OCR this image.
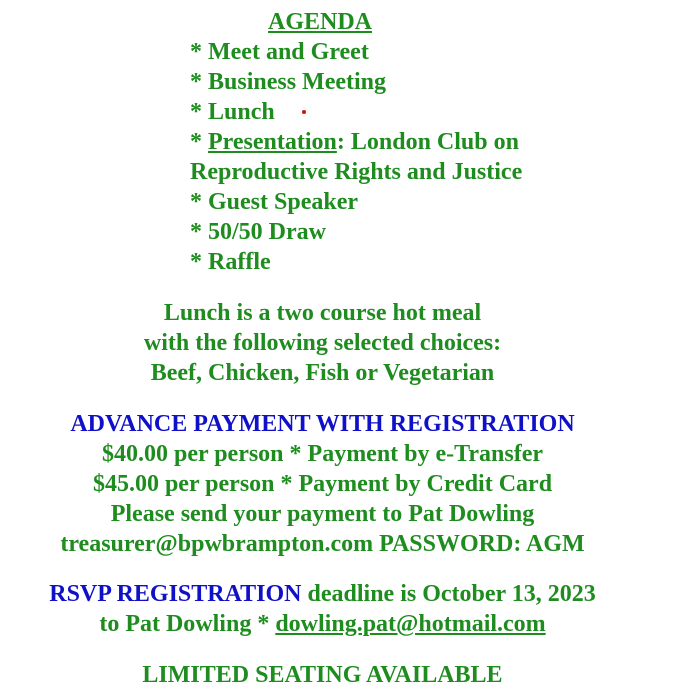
AGENDA
* Meet and Greet
* Business Meeting
* Lunch
* Presentation: London Club on
Reproductive Rights and Justice
* Guest Speaker
* 50/50 Draw
* Raffle
Lunch is a two course hot meal
with the following selected choices:
Beef, Chicken, Fish or Vegetarian
ADVANCE PAYMENT WITH REGISTRATION
$40.00 per person * Payment by e-Transfer
$45.00 per person * Payment by Credit Card
Please send your payment to Pat Dowling
treasurer@bpwbrampton.com PASSWORD: AGM
RSVP REGISTRATION deadline is October 13, 2023
to Pat Dowling * dowling.pat@hotmail.com
LIMITED SEATING AVAILABLE
